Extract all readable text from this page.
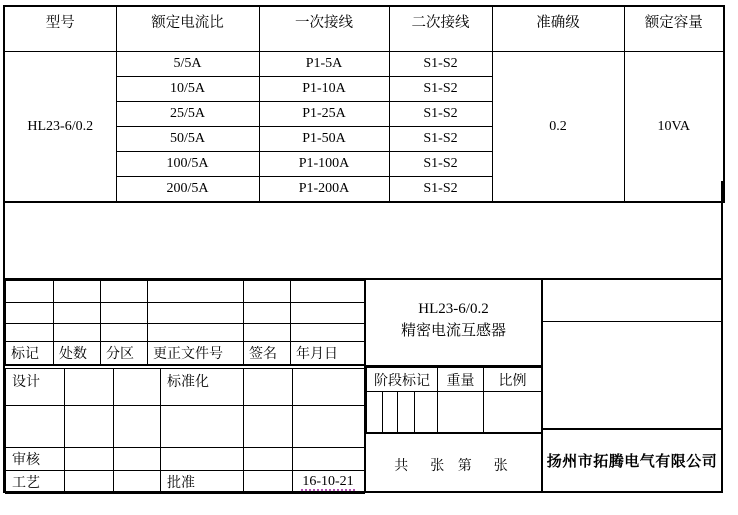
型号	额定电流比	一次接线	二次接线	准确级	额定容量
HL23-6/0.2	5/5A	P1-5A	S1-S2	0.2	10VA
	10/5A	P1-10A	S1-S2		
	25/5A	P1-25A	S1-S2		
	50/5A	P1-50A	S1-S2		
	100/5A	P1-100A	S1-S2		
	200/5A	P1-200A	S1-S2		

标记	处数	分区	更正文件号	签名	年月日
设计			标准化		

审核					
工艺			批准		16-10-21
HL23-6/0.2
精密电流互感器
阶段标记				重量	比例

共  张 第  张	扬州市拓腾电气有限公司
